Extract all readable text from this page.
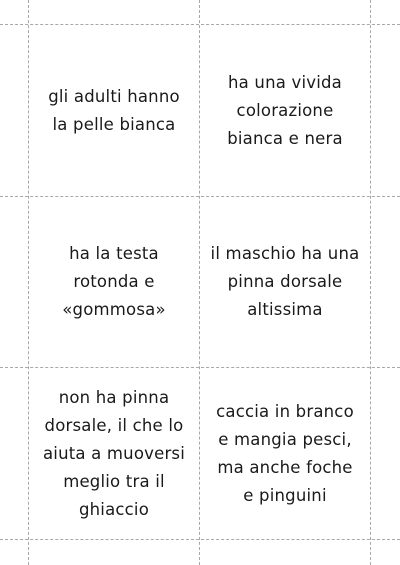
gli adulti hanno
la pelle bianca
ha una vivida
colorazione
bianca e nera
ha la testa
rotonda e
«gommosa»
il maschio ha una
pinna dorsale
altissima
non ha pinna
dorsale, il che lo
aiuta a muoversi
meglio tra il
ghiaccio
caccia in branco
e mangia pesci,
ma anche foche
e pinguini
